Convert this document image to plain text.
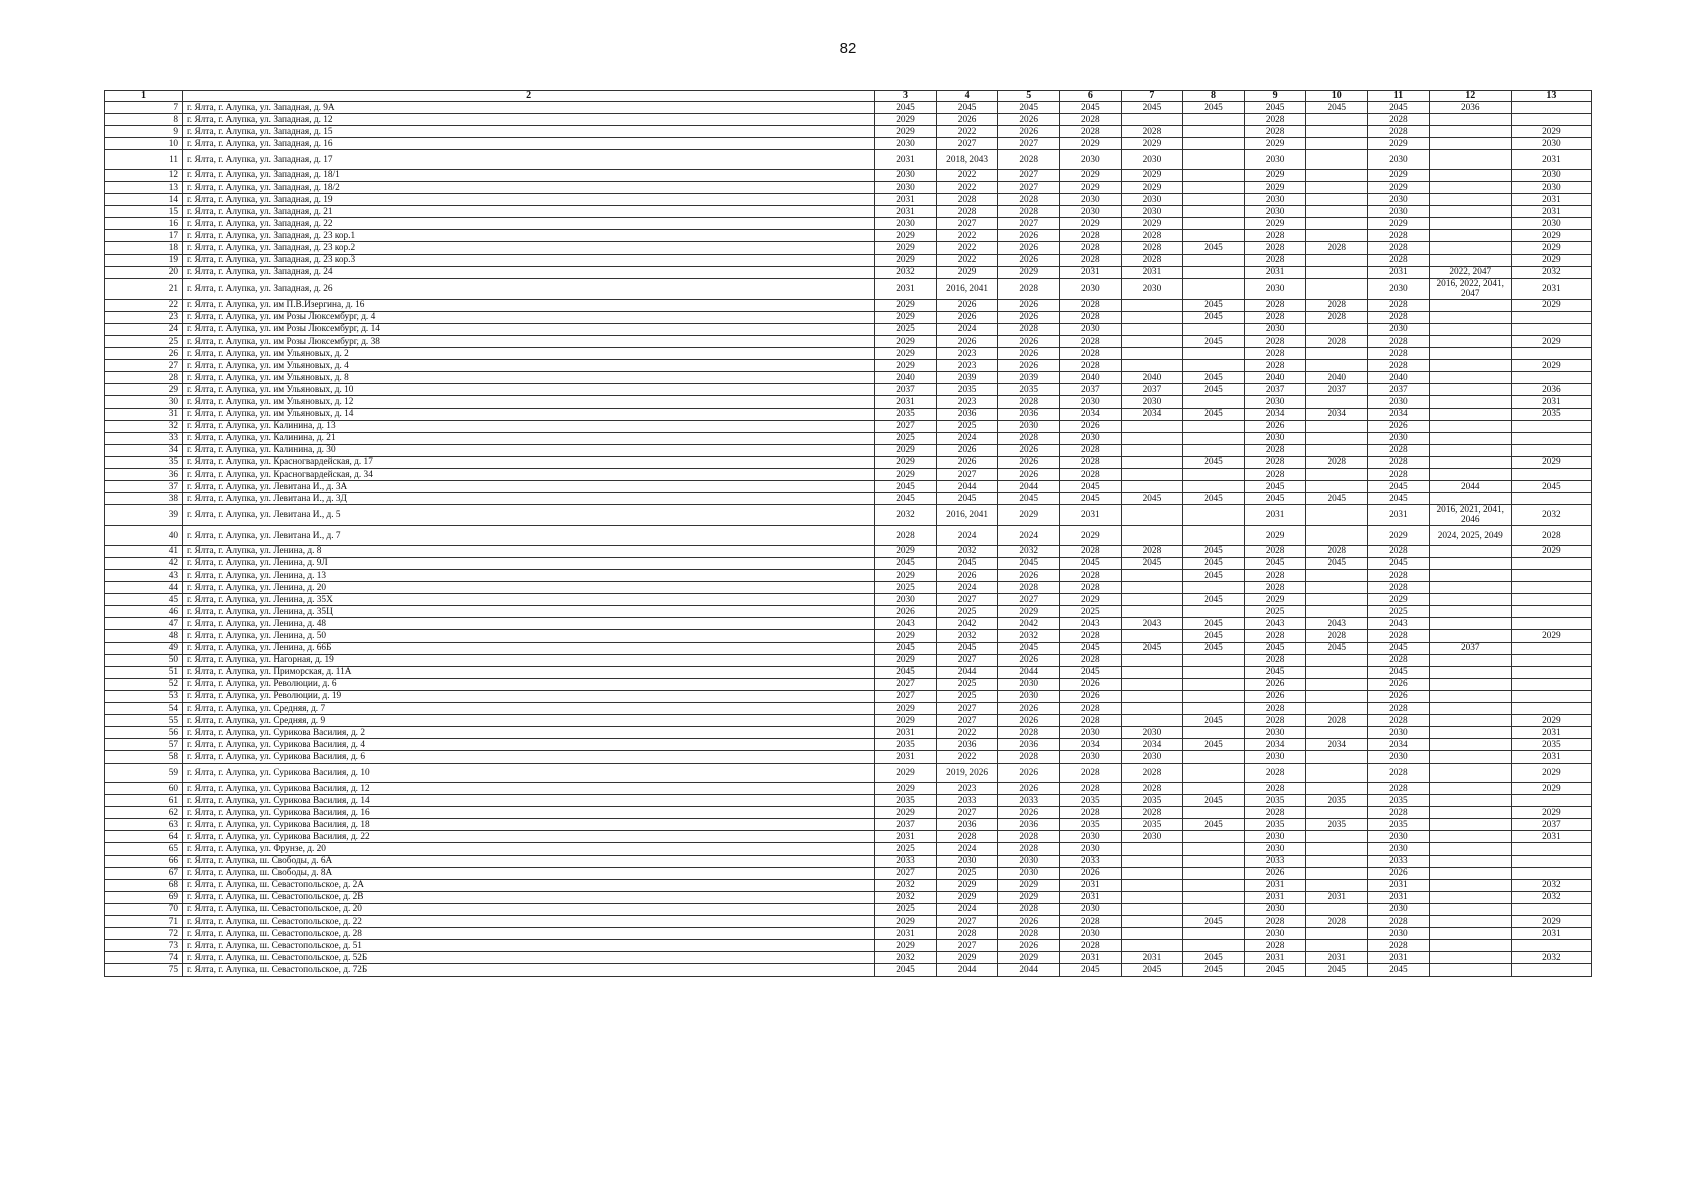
82
1	2	3	4	5	6	7	8	9	10	11	12	13
7	г. Ялта, г. Алупка, ул. Западная, д. 9А	2045	2045	2045	2045	2045	2045	2045	2045	2045	2036	
8	г. Ялта, г. Алупка, ул. Западная, д. 12	2029	2026	2026	2028			2028		2028		
9	г. Ялта, г. Алупка, ул. Западная, д. 15	2029	2022	2026	2028	2028		2028		2028		2029
10	г. Ялта, г. Алупка, ул. Западная, д. 16	2030	2027	2027	2029	2029		2029		2029		2030
11	г. Ялта, г. Алупка, ул. Западная, д. 17	2031	2018, 2043	2028	2030	2030		2030		2030		2031
12	г. Ялта, г. Алупка, ул. Западная, д. 18/1	2030	2022	2027	2029	2029		2029		2029		2030
13	г. Ялта, г. Алупка, ул. Западная, д. 18/2	2030	2022	2027	2029	2029		2029		2029		2030
14	г. Ялта, г. Алупка, ул. Западная, д. 19	2031	2028	2028	2030	2030		2030		2030		2031
15	г. Ялта, г. Алупка, ул. Западная, д. 21	2031	2028	2028	2030	2030		2030		2030		2031
16	г. Ялта, г. Алупка, ул. Западная, д. 22	2030	2027	2027	2029	2029		2029		2029		2030
17	г. Ялта, г. Алупка, ул. Западная, д. 23 кор.1	2029	2022	2026	2028	2028		2028		2028		2029
18	г. Ялта, г. Алупка, ул. Западная, д. 23 кор.2	2029	2022	2026	2028	2028	2045	2028	2028	2028		2029
19	г. Ялта, г. Алупка, ул. Западная, д. 23 кор.3	2029	2022	2026	2028	2028		2028		2028		2029
20	г. Ялта, г. Алупка, ул. Западная, д. 24	2032	2029	2029	2031	2031		2031		2031	2022, 2047	2032
21	г. Ялта, г. Алупка, ул. Западная, д. 26	2031	2016, 2041	2028	2030	2030		2030		2030	2016, 2022, 2041, 2047	2031
22	г. Ялта, г. Алупка, ул. им П.В.Изергина, д. 16	2029	2026	2026	2028		2045	2028	2028	2028		2029
23	г. Ялта, г. Алупка, ул. им Розы Люксембург, д. 4	2029	2026	2026	2028		2045	2028	2028	2028		
24	г. Ялта, г. Алупка, ул. им Розы Люксембург, д. 14	2025	2024	2028	2030			2030		2030		
25	г. Ялта, г. Алупка, ул. им Розы Люксембург, д. 38	2029	2026	2026	2028		2045	2028	2028	2028		2029
26	г. Ялта, г. Алупка, ул. им Ульяновых, д. 2	2029	2023	2026	2028			2028		2028		
27	г. Ялта, г. Алупка, ул. им Ульяновых, д. 4	2029	2023	2026	2028			2028		2028		2029
28	г. Ялта, г. Алупка, ул. им Ульяновых, д. 8	2040	2039	2039	2040	2040	2045	2040	2040	2040		
29	г. Ялта, г. Алупка, ул. им Ульяновых, д. 10	2037	2035	2035	2037	2037	2045	2037	2037	2037		2036
30	г. Ялта, г. Алупка, ул. им Ульяновых, д. 12	2031	2023	2028	2030	2030		2030		2030		2031
31	г. Ялта, г. Алупка, ул. им Ульяновых, д. 14	2035	2036	2036	2034	2034	2045	2034	2034	2034		2035
32	г. Ялта, г. Алупка, ул. Калинина, д. 13	2027	2025	2030	2026			2026		2026		
33	г. Ялта, г. Алупка, ул. Калинина, д. 21	2025	2024	2028	2030			2030		2030		
34	г. Ялта, г. Алупка, ул. Калинина, д. 30	2029	2026	2026	2028			2028		2028		
35	г. Ялта, г. Алупка, ул. Красногвардейская, д. 17	2029	2026	2026	2028		2045	2028	2028	2028		2029
36	г. Ялта, г. Алупка, ул. Красногвардейская, д. 34	2029	2027	2026	2028			2028		2028		
37	г. Ялта, г. Алупка, ул. Левитана И., д. 3А	2045	2044	2044	2045			2045		2045	2044	2045
38	г. Ялта, г. Алупка, ул. Левитана И., д. 3Д	2045	2045	2045	2045	2045	2045	2045	2045	2045		
39	г. Ялта, г. Алупка, ул. Левитана И., д. 5	2032	2016, 2041	2029	2031			2031		2031	2016, 2021, 2041, 2046	2032
40	г. Ялта, г. Алупка, ул. Левитана И., д. 7	2028	2024	2024	2029			2029		2029	2024, 2025, 2049	2028
41	г. Ялта, г. Алупка, ул. Ленина, д. 8	2029	2032	2032	2028	2028	2045	2028	2028	2028		2029
42	г. Ялта, г. Алупка, ул. Ленина, д. 9Л	2045	2045	2045	2045	2045	2045	2045	2045	2045		
43	г. Ялта, г. Алупка, ул. Ленина, д. 13	2029	2026	2026	2028		2045	2028		2028		
44	г. Ялта, г. Алупка, ул. Ленина, д. 20	2025	2024	2028	2028			2028		2028		
45	г. Ялта, г. Алупка, ул. Ленина, д. 35Х	2030	2027	2027	2029		2045	2029		2029		
46	г. Ялта, г. Алупка, ул. Ленина, д. 35Ц	2026	2025	2029	2025			2025		2025		
47	г. Ялта, г. Алупка, ул. Ленина, д. 48	2043	2042	2042	2043	2043	2045	2043	2043	2043		
48	г. Ялта, г. Алупка, ул. Ленина, д. 50	2029	2032	2032	2028		2045	2028	2028	2028		2029
49	г. Ялта, г. Алупка, ул. Ленина, д. 66Б	2045	2045	2045	2045	2045	2045	2045	2045	2045	2037	
50	г. Ялта, г. Алупка, ул. Нагорная, д. 19	2029	2027	2026	2028			2028		2028		
51	г. Ялта, г. Алупка, ул. Приморская, д. 11А	2045	2044	2044	2045			2045		2045		
52	г. Ялта, г. Алупка, ул. Революции, д. 6	2027	2025	2030	2026			2026		2026		
53	г. Ялта, г. Алупка, ул. Революции, д. 19	2027	2025	2030	2026			2026		2026		
54	г. Ялта, г. Алупка, ул. Средняя, д. 7	2029	2027	2026	2028			2028		2028		
55	г. Ялта, г. Алупка, ул. Средняя, д. 9	2029	2027	2026	2028		2045	2028	2028	2028		2029
56	г. Ялта, г. Алупка, ул. Сурикова Василия, д. 2	2031	2022	2028	2030	2030		2030		2030		2031
57	г. Ялта, г. Алупка, ул. Сурикова Василия, д. 4	2035	2036	2036	2034	2034	2045	2034	2034	2034		2035
58	г. Ялта, г. Алупка, ул. Сурикова Василия, д. 6	2031	2022	2028	2030	2030		2030		2030		2031
59	г. Ялта, г. Алупка, ул. Сурикова Василия, д. 10	2029	2019, 2026	2026	2028	2028		2028		2028		2029
60	г. Ялта, г. Алупка, ул. Сурикова Василия, д. 12	2029	2023	2026	2028	2028		2028		2028		2029
61	г. Ялта, г. Алупка, ул. Сурикова Василия, д. 14	2035	2033	2033	2035	2035	2045	2035	2035	2035		
62	г. Ялта, г. Алупка, ул. Сурикова Василия, д. 16	2029	2027	2026	2028	2028		2028		2028		2029
63	г. Ялта, г. Алупка, ул. Сурикова Василия, д. 18	2037	2036	2036	2035	2035	2045	2035	2035	2035		2037
64	г. Ялта, г. Алупка, ул. Сурикова Василия, д. 22	2031	2028	2028	2030	2030		2030		2030		2031
65	г. Ялта, г. Алупка, ул. Фрунзе, д. 20	2025	2024	2028	2030			2030		2030		
66	г. Ялта, г. Алупка, ш. Свободы, д. 6А	2033	2030	2030	2033			2033		2033		
67	г. Ялта, г. Алупка, ш. Свободы, д. 8А	2027	2025	2030	2026			2026		2026		
68	г. Ялта, г. Алупка, ш. Севастопольское, д. 2А	2032	2029	2029	2031			2031		2031		2032
69	г. Ялта, г. Алупка, ш. Севастопольское, д. 2В	2032	2029	2029	2031			2031	2031	2031		2032
70	г. Ялта, г. Алупка, ш. Севастопольское, д. 20	2025	2024	2028	2030			2030		2030		
71	г. Ялта, г. Алупка, ш. Севастопольское, д. 22	2029	2027	2026	2028		2045	2028	2028	2028		2029
72	г. Ялта, г. Алупка, ш. Севастопольское, д. 28	2031	2028	2028	2030			2030		2030		2031
73	г. Ялта, г. Алупка, ш. Севастопольское, д. 51	2029	2027	2026	2028			2028		2028		
74	г. Ялта, г. Алупка, ш. Севастопольское, д. 52Б	2032	2029	2029	2031	2031	2045	2031	2031	2031		2032
75	г. Ялта, г. Алупка, ш. Севастопольское, д. 72Б	2045	2044	2044	2045	2045	2045	2045	2045	2045		
